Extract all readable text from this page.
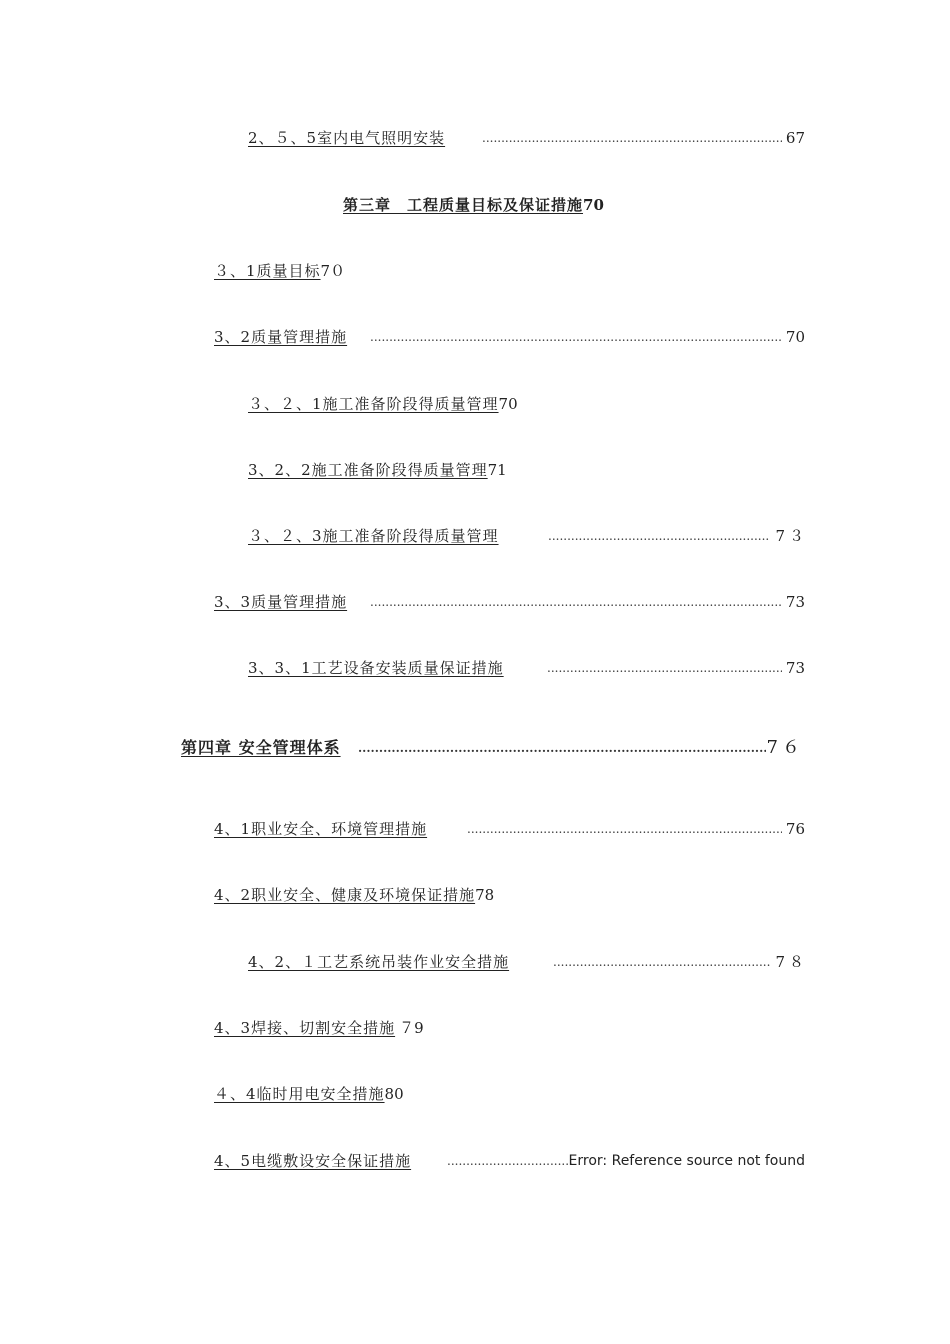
2、５、5室内电气照明安装 .....	67
第三章　工程质量目标及保证措施70
３、1质量目标7０
3、2质量管理措施 .....	70
３、２、1施工准备阶段得质量管理70
3、2、2施工准备阶段得质量管理71
３、２、3施工准备阶段得质量管理 .....	7３
3、3质量管理措施 .....	73
3、3、1工艺设备安装质量保证措施 .....	73
第四章 安全管理体系 .....	7６
4、1职业安全、环境管理措施 .....	76
4、2职业安全、健康及环境保证措施78
4、2、１工艺系统吊装作业安全措施 .....	7８
4、3焊接、切割安全措施 ７9
４、4临时用电安全措施80
4、5电缆敷设安全保证措施 .....	Error: Reference source not found
